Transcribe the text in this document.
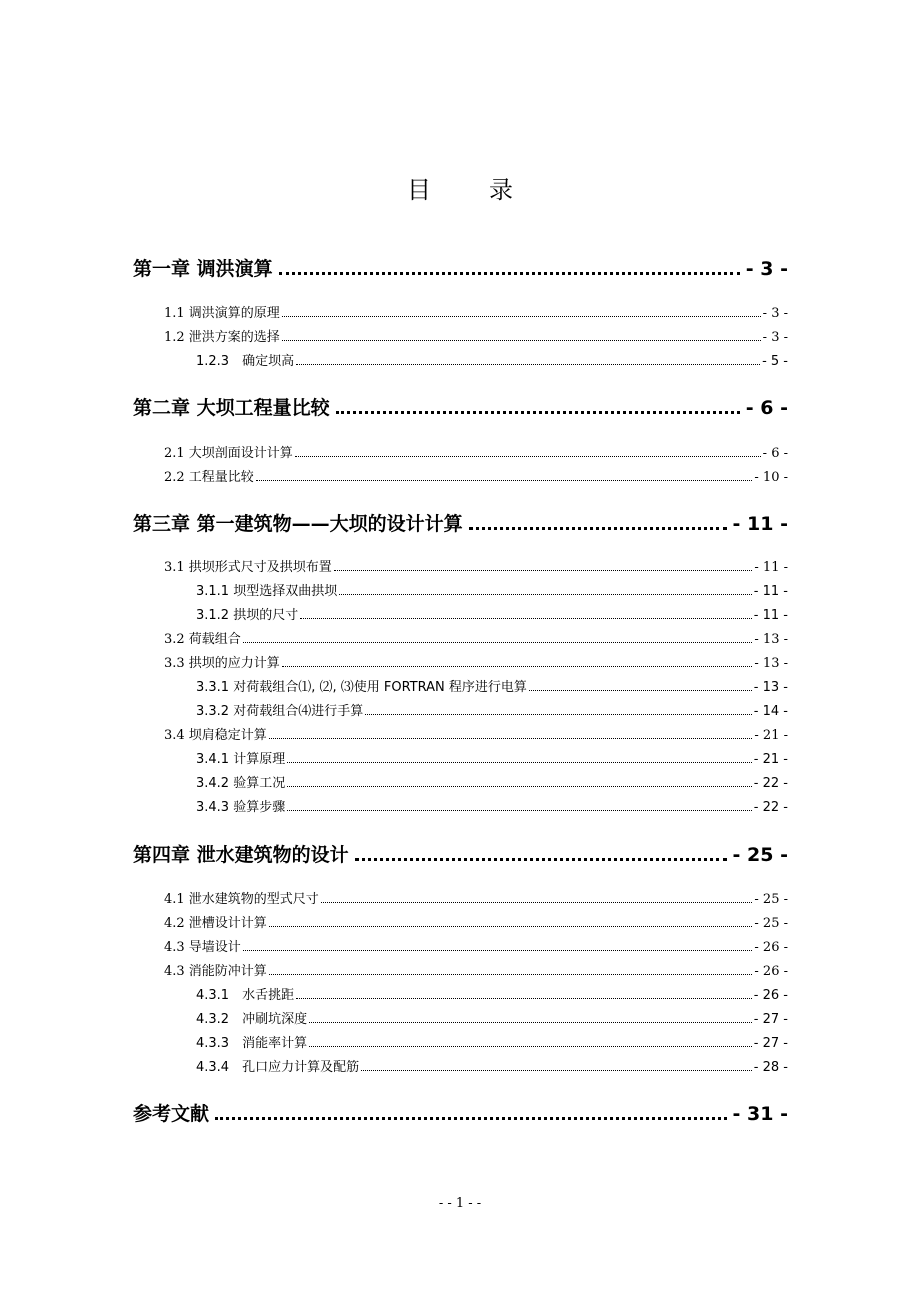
目录
第一章 调洪演算	- 3 -
1.1 调洪演算的原理	- 3 -
1.2 泄洪方案的选择	- 3 -
1.2.3　确定坝高	- 5 -
第二章 大坝工程量比较	- 6 -
2.1 大坝剖面设计计算	- 6 -
2.2 工程量比较	- 10 -
第三章 第一建筑物——大坝的设计计算	- 11 -
3.1 拱坝形式尺寸及拱坝布置	- 11 -
3.1.1 坝型选择双曲拱坝	- 11 -
3.1.2 拱坝的尺寸	- 11 -
3.2 荷载组合	- 13 -
3.3 拱坝的应力计算	- 13 -
3.3.1 对荷载组合⑴, ⑵, ⑶使用 FORTRAN 程序进行电算	- 13 -
3.3.2 对荷载组合⑷进行手算	- 14 -
3.4 坝肩稳定计算	- 21 -
3.4.1 计算原理	- 21 -
3.4.2 验算工况	- 22 -
3.4.3 验算步骤	- 22 -
第四章 泄水建筑物的设计	- 25 -
4.1 泄水建筑物的型式尺寸	- 25 -
4.2 泄槽设计计算	- 25 -
4.3 导墙设计	- 26 -
4.3 消能防冲计算	- 26 -
4.3.1　水舌挑距	- 26 -
4.3.2　冲刷坑深度	- 27 -
4.3.3　消能率计算	- 27 -
4.3.4　孔口应力计算及配筋	- 28 -
参考文献	- 31 -
- - 1 - -
